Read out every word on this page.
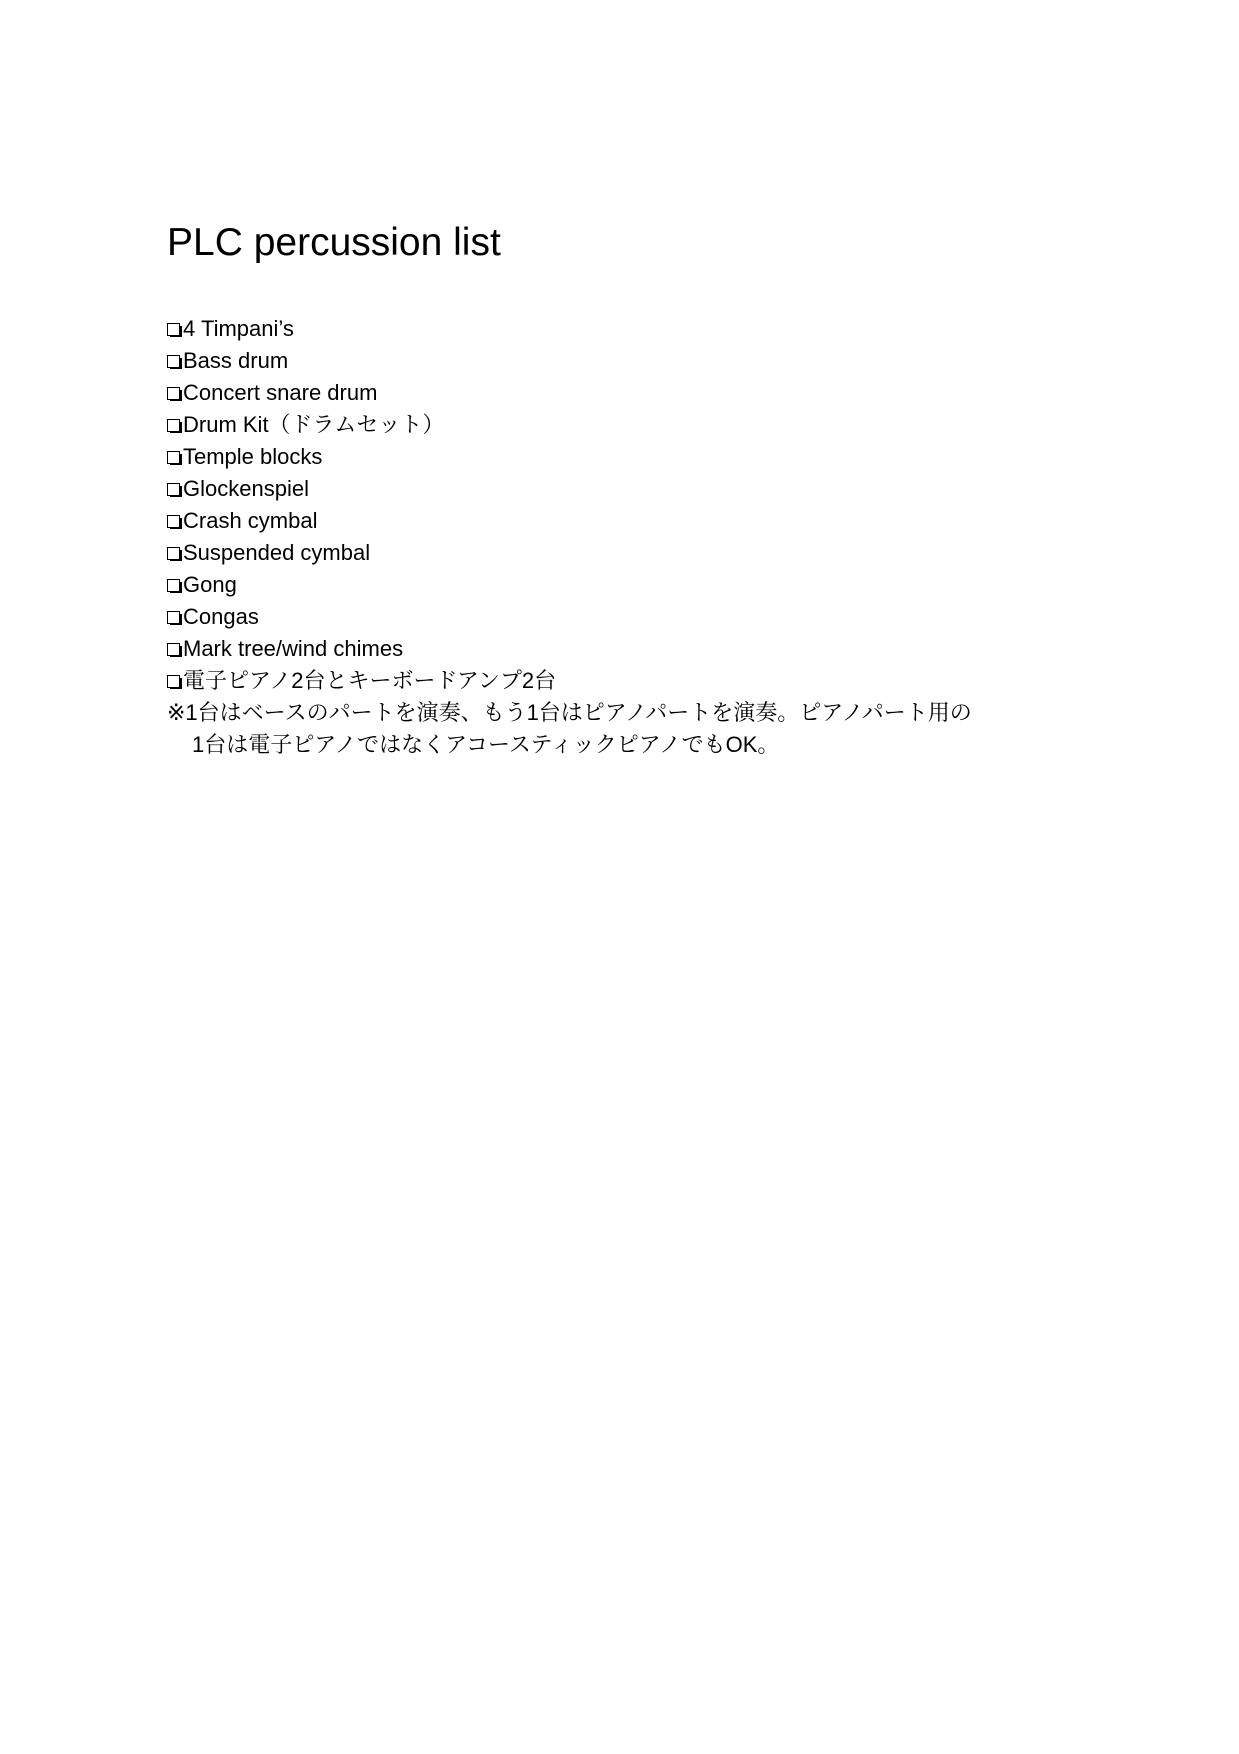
PLC percussion list
4 Timpani’s
Bass drum
Concert snare drum
Drum Kit（ドラムセット）
Temple blocks
Glockenspiel
Crash cymbal
Suspended cymbal
Gong
Congas
Mark tree/wind chimes
電子ピアノ2台とキーボードアンプ2台
※1台はベースのパートを演奏、もう1台はピアノパートを演奏。ピアノパート用の
1台は電子ピアノではなくアコースティックピアノでもOK。
